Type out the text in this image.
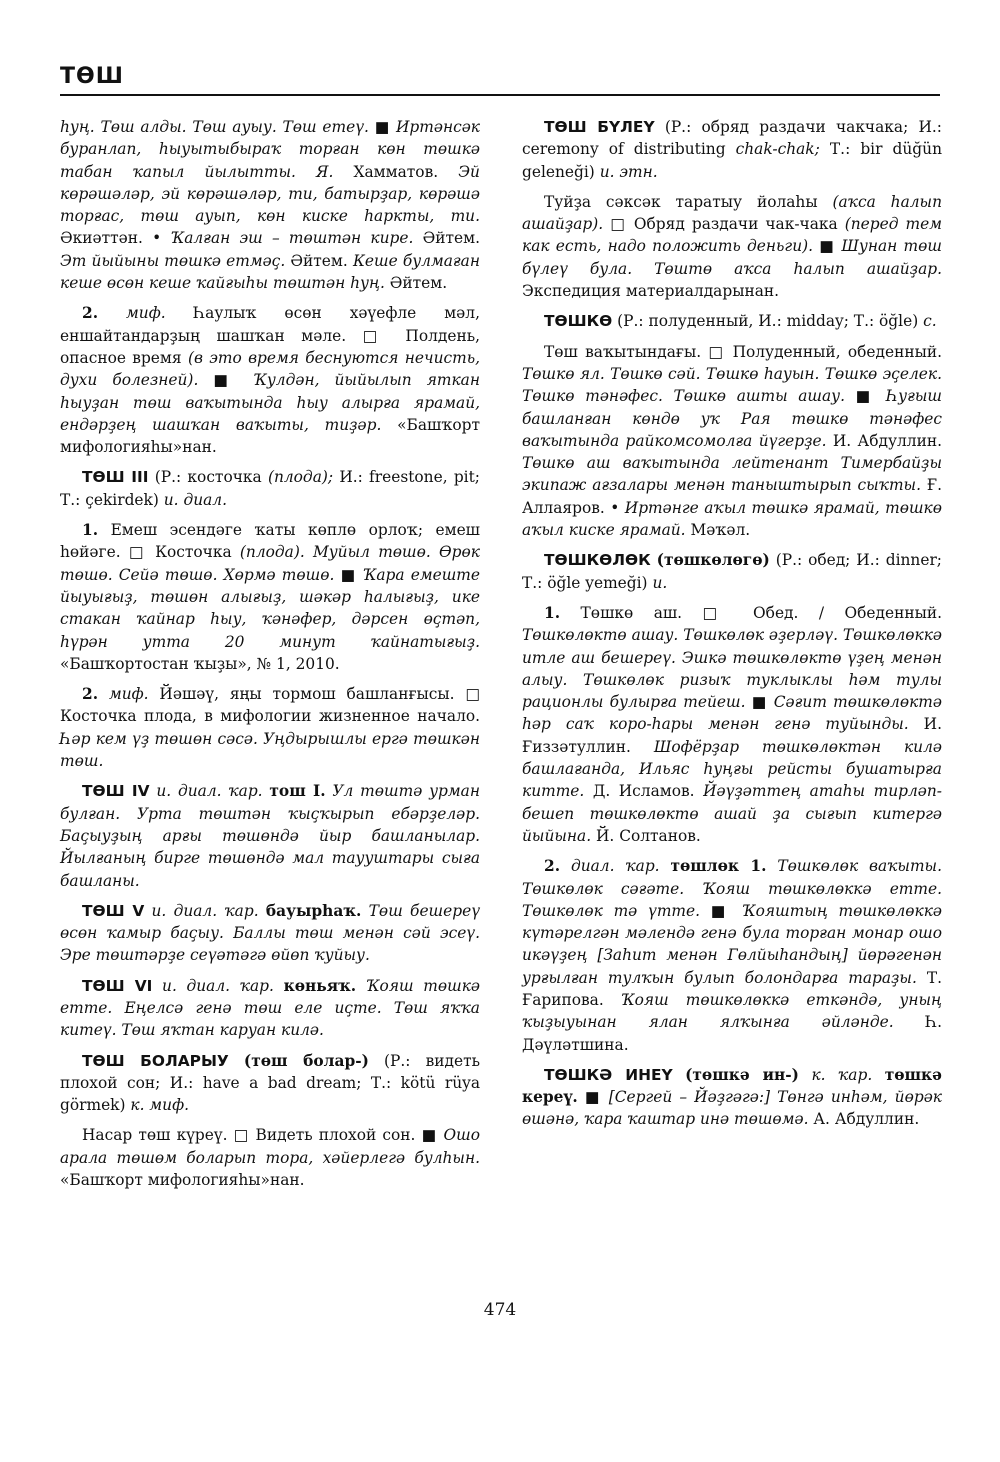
ТӨШ

һуң. Төш алды. Төш ауыу. Төш етеү. ■ Иртәнсәк буранлап, һыуытыбыраҡ торған көн төшкә табан ҡапыл йылытты. Я. Хамматов. Эй көрәшәләр, эй көрәшәләр, ти, батырҙар, көрәшә торғас, төш ауып, көн киске һаркты, ти. Әкиәттән. • Ҡалған эш – төштән кире. Әйтем. Эт йыйыны төшкә етмәҫ. Әйтем. Кеше булмаған кеше өсөн кеше ҡайғыһы төштән һуң. Әйтем.

2. миф. Һаулыҡ өсөн хәүефле мәл, еншайтандарҙың шашҡан мәле. □ Полдень, опасное время (в это время беснуются нечисть, духи болезней). ■ Ҡулдән, йыйылып яткан һыуҙан төш ваҡытында һыу алырға ярамай, ендәрҙең шашҡан ваҡыты, тиҙәр. «Башҡорт мифологияһы»нан.

ТӨШ III (Р.: косточка (плода); И.: freestone, pit; Т.: çekirdek) и. диал.

1. Емеш эсендәге ҡаты көплө орлоҡ; емеш һөйәге. □ Косточка (плода). Муйыл төшө. Өрөк төшө. Сейә төшө. Хөрмә төшө. ■ Ҡара емеште йыуығыҙ, төшөн алығыҙ, шәкәр һалығыҙ, ике стакан ҡайнар һыу, ҡәнәфер, дәрсен өҫтәп, һүрән утта 20 минут ҡайнатығыҙ. «Башҡортостан ҡыҙы», № 1, 2010.

2. миф. Йәшәү, яңы тормош башланғысы. □ Косточка плода, в мифологии жизненное начало. Һәр кем үҙ төшөн сәсә. Уңдырышлы ергә төшкән төш.

ТӨШ IV и. диал. ҡар. тош I. Ул төштә урман булған. Урта төштән ҡыҫҡырып ебәрҙеләр. Баҫыуҙың арғы төшөндә йыр башланылар. Йылғаның бирге төшөндә мал таууштары сыға башланы.

ТӨШ V и. диал. ҡар. бауырһаҡ. Төш бешереү өсөн ҡамыр баҫыу. Баллы төш менән сәй эсеү. Эре төштәрҙе сеүәтәгә өйөп ҡуйыу.

ТӨШ VI и. диал. ҡар. көньяҡ. Ҡояш төшкә етте. Еңелсә генә төш еле иҫте. Төш яҡҡа китеү. Төш яҡтан каруан килә.

ТӨШ БОЛАРЫУ (төш болар-) (Р.: видеть плохой сон; И.: have a bad dream; Т.: kötü rüya görmek) к. миф.

Насар төш күреү. □ Видеть плохой сон. ■ Ошо арала төшөм боларып тора, хәйерлегә булһын. «Башҡорт мифологияһы»нан.

ТӨШ БҮЛЕҮ (Р.: обряд раздачи чакчака; И.: ceremony of distributing chak-chak; Т.: bir düğün geleneği) и. этн.

Туйҙа сәксәк таратыу йолаһы (аҡса һалып ашайҙар). □ Обряд раздачи чак-чака (перед тем как есть, надо положить деньги). ■ Шунан төш бүлеү була. Төштө аҡса һалып ашайҙар. Экспедиция материалдарынан.

ТӨШКӨ (Р.: полуденный, И.: midday; Т.: öğle) с.

Төш ваҡытындағы. □ Полуденный, обеденный. Төшкө ял. Төшкө сәй. Төшкө һауын. Төшкө эҫелек. Төшкө тәнәфес. Төшкө ашты ашау. ■ Һуғыш башланған көндө уҡ Рая төшкө тәнәфес ваҡытында райкомсомолға йүгерҙе. И. Абдуллин. Төшкө аш ваҡытында лейтенант Тимербайҙы экипаж ағзалары менән таныштырып сыҡты. Ғ. Аллаяров. • Иртәнге аҡыл төшкә ярамай, төшкө аҡыл киске ярамай. Мәҡәл.

ТӨШКӨЛӨК (төшкөлөгө) (Р.: обед; И.: dinner; Т.: öğle yemeği) и.

1. Төшкө аш. □ Обед. / Обеденный. Төшкөлөктө ашау. Төшкөлөк әҙерләү. Төшкөлөккә итле аш бешереү. Эшкә төшкөлөктө үҙең менән алыу. Төшкөлөк ризыҡ туклыклы һәм тулы рационлы булырға тейеш. ■ Сәғит төшкөлөктә һәр саҡ коро-һары менән генә туйынды. И. Ғиззәтуллин. Шофёрҙар төшкөлөктән килә башлағанда, Ильяс һуңғы рейсты бушатырға китте. Д. Исламов. Йәүҙәттең атаһы тирләп-бешеп төшкөлөктө ашай ҙа сығып китергә йыйына. Й. Солтанов.

2. диал. ҡар. төшлөк 1. Төшкөлөк ваҡыты. Төшкөлөк сәғәте. Ҡояш төшкөлөккә етте. Төшкөлөк тә үтте. ■ Ҡояштың төшкөлөккә күтәрелгән мәлендә генә була торған монар ошо икәүҙең [Заһит менән Гөлйыһандың] йөрәгенән урғылған тулҡын булып болондарға тараҙы. Т. Ғарипова. Ҡояш төшкөлөккә еткәндә, уның ҡыҙыуынан ялан ялҡынға әйләнде. Һ. Дәүләтшина.

ТӨШКӘ ИНЕҮ (төшкә ин-) к. ҡар. төшкә кереү. ■ [Сергей – Йәҙгәгә:] Төнгә инһәм, йөрәк өшәнә, ҡара ҡаштар инә төшөмә. А. Абдуллин.

474
